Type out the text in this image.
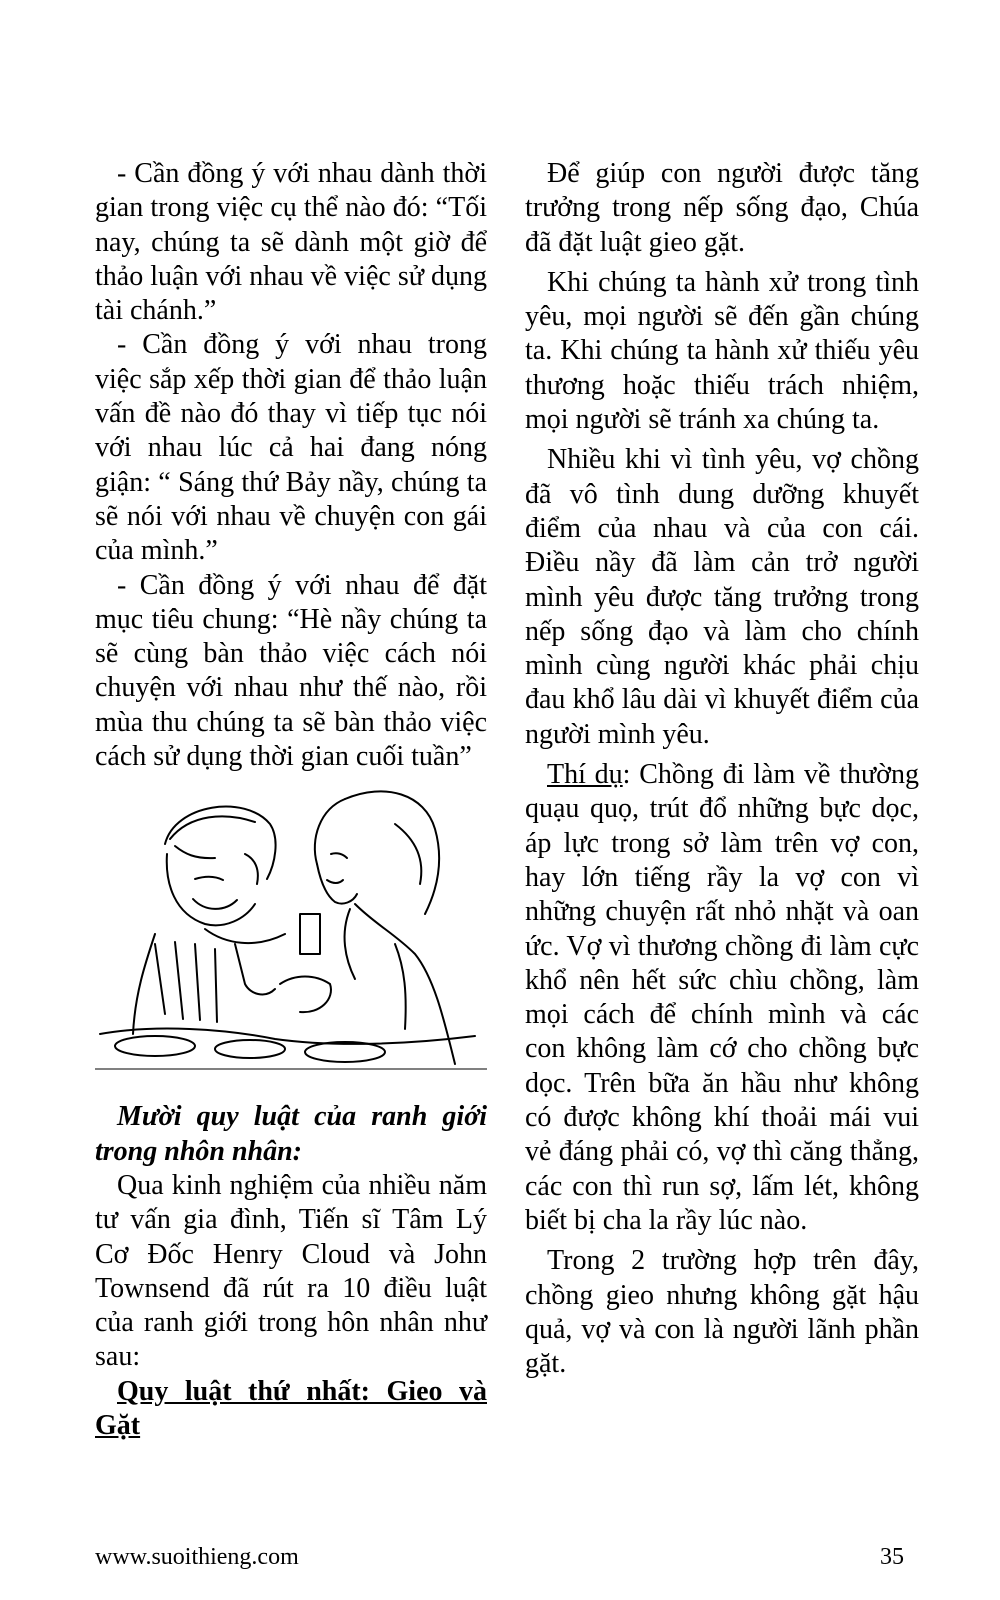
- Cần đồng ý với nhau dành thời gian trong việc cụ thể nào đó: “Tối nay, chúng ta sẽ dành một giờ để thảo luận với nhau về việc sử dụng tài chánh.”

- Cần đồng ý với nhau trong việc sắp xếp thời gian để thảo luận vấn đề nào đó thay vì tiếp tục nói với nhau lúc cả hai đang nóng giận: “ Sáng thứ Bảy nầy, chúng ta sẽ nói với nhau về chuyện con gái của mình.”

- Cần đồng ý với nhau để đặt mục tiêu chung: “Hè nầy chúng ta sẽ cùng bàn thảo việc cách nói chuyện với nhau như thế nào, rồi mùa thu chúng ta sẽ bàn thảo việc cách sử dụng thời gian cuối tuần”

Mười quy luật của ranh giới trong nhôn nhân:

Qua kinh nghiệm của nhiều năm tư vấn gia đình, Tiến sĩ Tâm Lý Cơ Đốc Henry Cloud và John Townsend đã rút ra 10 điều luật của ranh giới trong hôn nhân như sau:

Quy luật thứ nhất: Gieo và Gặt

Để giúp con người được tăng trưởng trong nếp sống đạo, Chúa đã đặt luật gieo gặt.

Khi chúng ta hành xử trong tình yêu, mọi người sẽ đến gần chúng ta. Khi chúng ta hành xử thiếu yêu thương hoặc thiếu trách nhiệm, mọi người sẽ tránh xa chúng ta.

Nhiều khi vì tình yêu, vợ chồng đã vô tình dung dưỡng khuyết điểm của nhau và của con cái. Điều nầy đã làm cản trở người mình yêu được tăng trưởng trong nếp sống đạo và làm cho chính mình cùng người khác phải chịu đau khổ lâu dài vì khuyết điểm của người mình yêu.

Thí dụ: Chồng đi làm về thường quạu quọ, trút đổ những bực dọc, áp lực trong sở làm trên vợ con, hay lớn tiếng rầy la vợ con vì những chuyện rất nhỏ nhặt và oan ức. Vợ vì thương chồng đi làm cực khổ nên hết sức chìu chồng, làm mọi cách để chính mình và các con không làm cớ cho chồng bực dọc. Trên bữa ăn hầu như không có được không khí thoải mái vui vẻ đáng phải có, vợ thì căng thẳng, các con thì run sợ, lấm lét, không biết bị cha la rầy lúc nào.

Trong 2 trường hợp trên đây, chồng gieo nhưng không gặt hậu quả, vợ và con là người lãnh phần gặt.

www.suoithieng.com	35
